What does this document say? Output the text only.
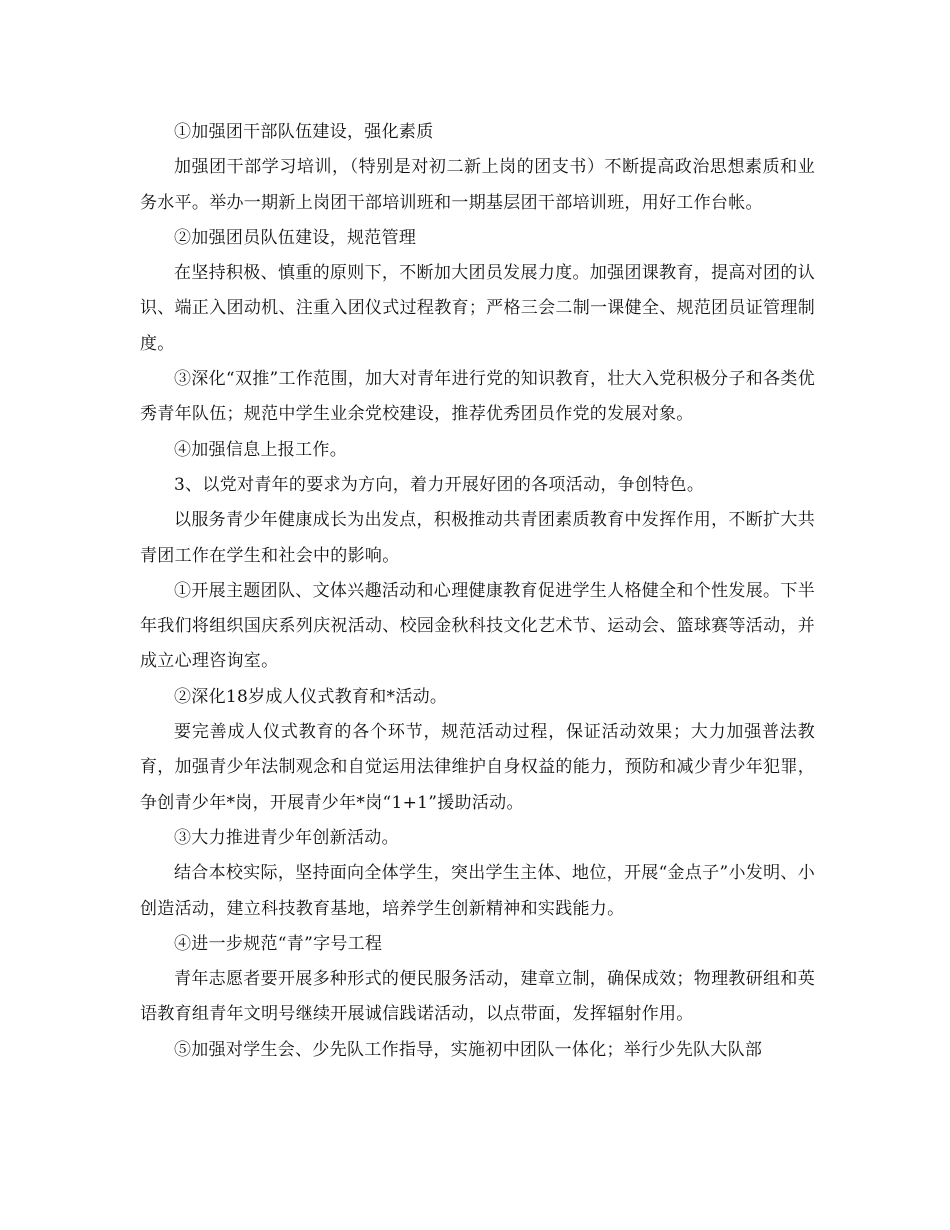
①加强团干部队伍建设，强化素质

加强团干部学习培训，（特别是对初二新上岗的团支书）不断提高政治思想素质和业务水平。举办一期新上岗团干部培训班和一期基层团干部培训班，用好工作台帐。

②加强团员队伍建设，规范管理

在坚持积极、慎重的原则下，不断加大团员发展力度。加强团课教育，提高对团的认识、端正入团动机、注重入团仪式过程教育；严格三会二制一课健全、规范团员证管理制度。

③深化“双推”工作范围，加大对青年进行党的知识教育，壮大入党积极分子和各类优秀青年队伍；规范中学生业余党校建设，推荐优秀团员作党的发展对象。

④加强信息上报工作。

3、以党对青年的要求为方向，着力开展好团的各项活动，争创特色。

以服务青少年健康成长为出发点，积极推动共青团素质教育中发挥作用，不断扩大共青团工作在学生和社会中的影响。

①开展主题团队、文体兴趣活动和心理健康教育促进学生人格健全和个性发展。下半年我们将组织国庆系列庆祝活动、校园金秋科技文化艺术节、运动会、篮球赛等活动，并成立心理咨询室。

②深化18岁成人仪式教育和*活动。

要完善成人仪式教育的各个环节，规范活动过程，保证活动效果；大力加强普法教育，加强青少年法制观念和自觉运用法律维护自身权益的能力，预防和减少青少年犯罪，争创青少年*岗，开展青少年*岗“1+1”援助活动。

③大力推进青少年创新活动。

结合本校实际，坚持面向全体学生，突出学生主体、地位，开展“金点子”小发明、小创造活动，建立科技教育基地，培养学生创新精神和实践能力。

④进一步规范“青”字号工程

青年志愿者要开展多种形式的便民服务活动，建章立制，确保成效；物理教研组和英语教育组青年文明号继续开展诚信践诺活动，以点带面，发挥辐射作用。

⑤加强对学生会、少先队工作指导，实施初中团队一体化；举行少先队大队部
